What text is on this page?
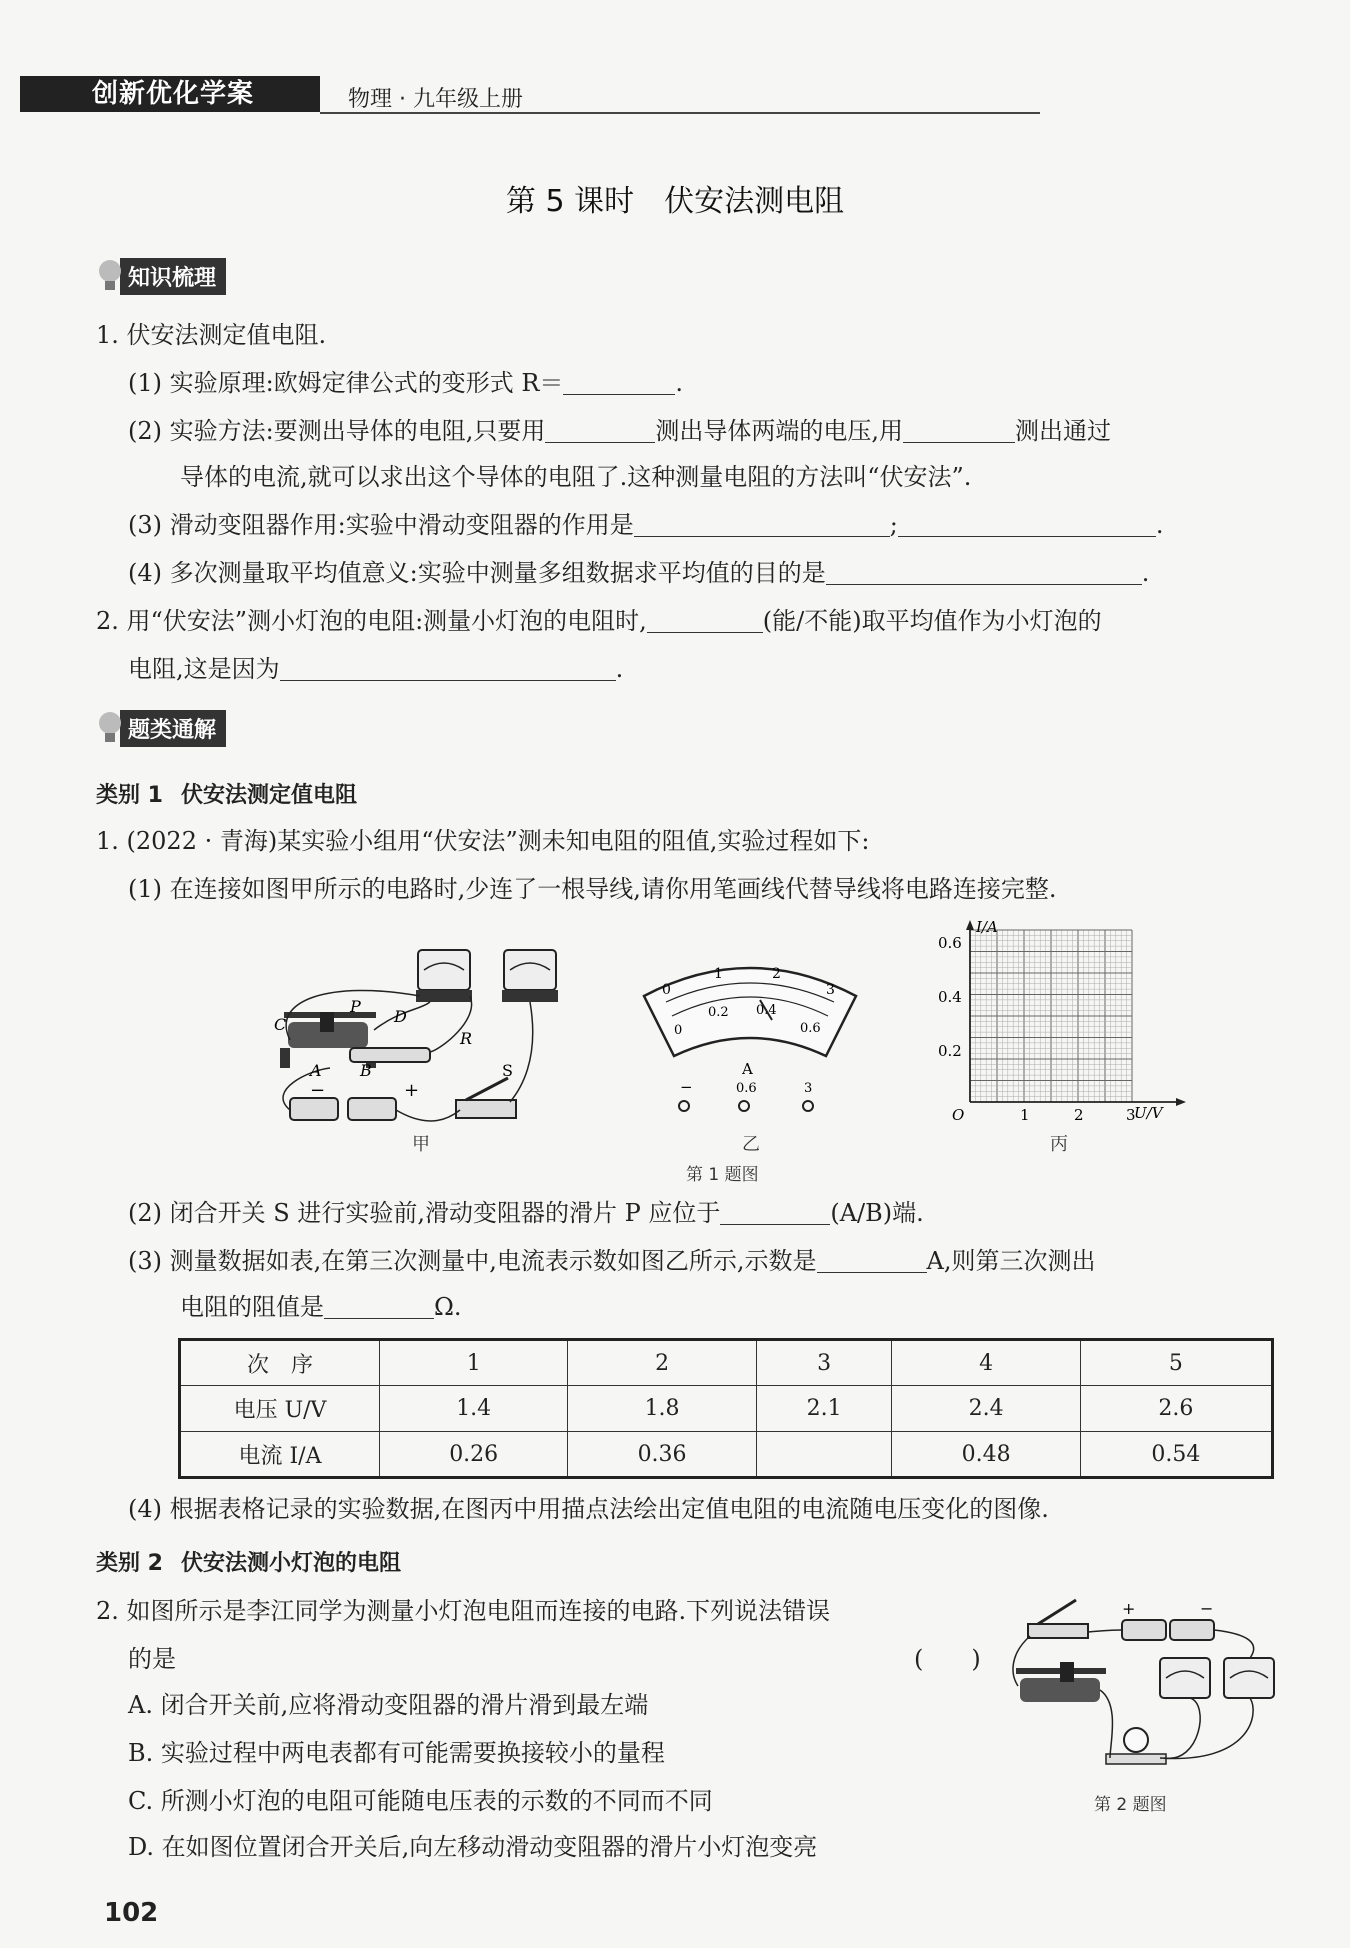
创新优化学案	物理 · 九年级上册
第 5 课时　伏安法测电阻
知识梳理
1. 伏安法测定值电阻.
(1) 实验原理:欧姆定律公式的变形式 R＝	.
(2) 实验方法:要测出导体的电阻,只要用	测出导体两端的电压,用	测出通过
导体的电流,就可以求出这个导体的电阻了.这种测量电阻的方法叫“伏安法”.
(3) 滑动变阻器作用:实验中滑动变阻器的作用是	;	.
(4) 多次测量取平均值意义:实验中测量多组数据求平均值的目的是	.
2. 用“伏安法”测小灯泡的电阻:测量小灯泡的电阻时,	(能/不能)取平均值作为小灯泡的
电阻,这是因为	.
题类通解
类别 1 伏安法测定值电阻
1. (2022 · 青海)某实验小组用“伏安法”测未知电阻的阻值,实验过程如下:
(1) 在连接如图甲所示的电路时,少连了一根导线,请你用笔画线代替导线将电路连接完整.
C
P
D
A B
R
S
+
−
甲
0
1	2
3
0
0.2 0.4
0.6
A
−	0.6	3
乙
第 1 题图
I/A
U/V
O
0.6
0.4
0.2
1	2	3
丙
(2) 闭合开关 S 进行实验前,滑动变阻器的滑片 P 应位于	(A/B)端.
(3) 测量数据如表,在第三次测量中,电流表示数如图乙所示,示数是	A,则第三次测出
电阻的阻值是	Ω.
次　序	1	2	3	4	5
电压 U/V	1.4	1.8	2.1	2.4	2.6
电流 I/A	0.26	0.36		0.48	0.54
(4) 根据表格记录的实验数据,在图丙中用描点法绘出定值电阻的电流随电压变化的图像.
类别 2 伏安法测小灯泡的电阻
2. 如图所示是李江同学为测量小灯泡电阻而连接的电路.下列说法错误
的是	(　　)
A. 闭合开关前,应将滑动变阻器的滑片滑到最左端
B. 实验过程中两电表都有可能需要换接较小的量程
C. 所测小灯泡的电阻可能随电压表的示数的不同而不同
D. 在如图位置闭合开关后,向左移动滑动变阻器的滑片小灯泡变亮
+	−
第 2 题图
102
